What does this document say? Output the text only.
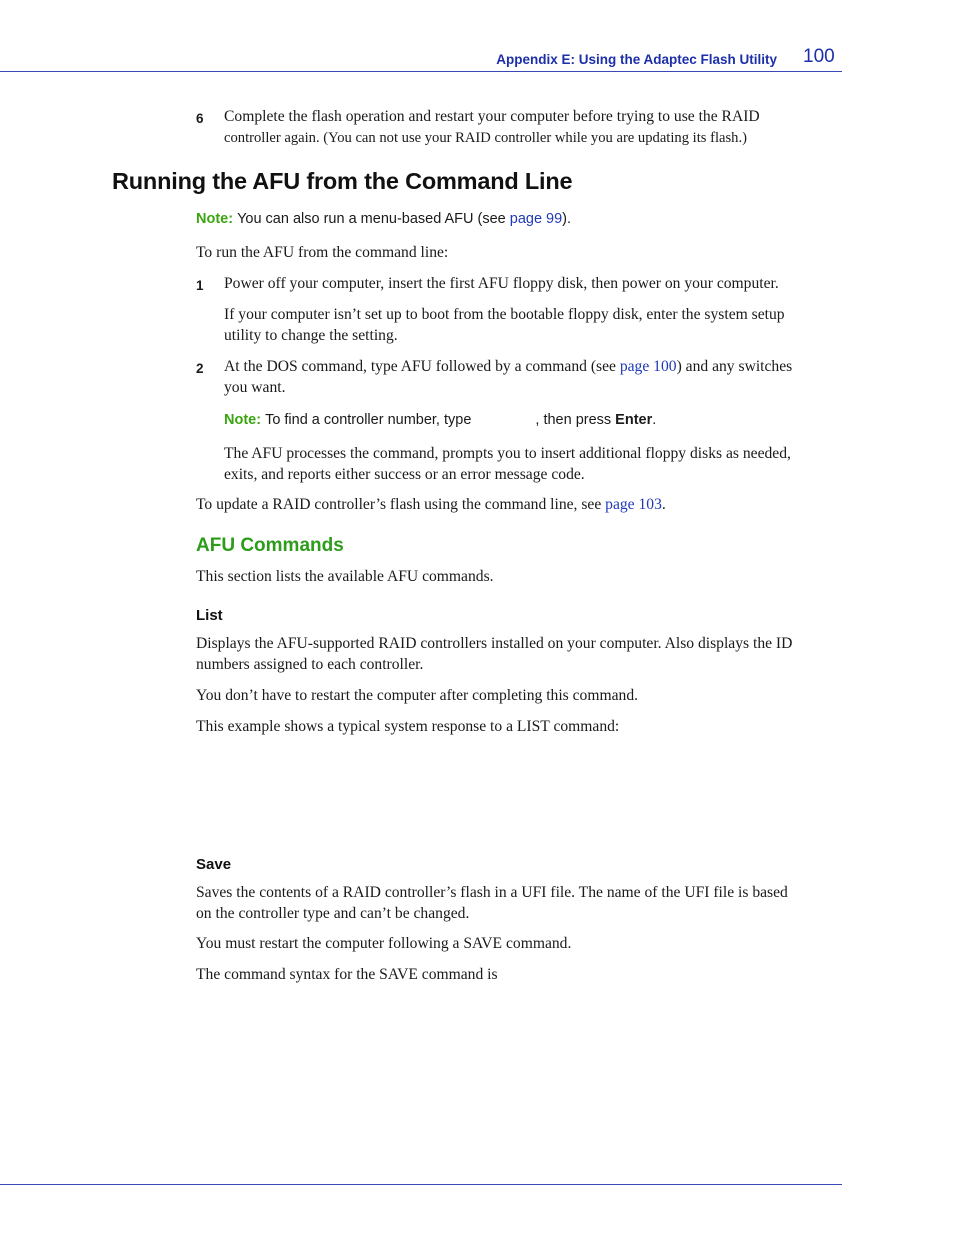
Appendix E: Using the Adaptec Flash Utility 100
6 Complete the flash operation and restart your computer before trying to use the RAID
controller again. (You can not use your RAID controller while you are updating its flash.)
Running the AFU from the Command Line
Note: You can also run a menu-based AFU (see page 99).
To run the AFU from the command line:
1 Power off your computer, insert the first AFU floppy disk, then power on your computer.
If your computer isn’t set up to boot from the bootable floppy disk, enter the system setup
utility to change the setting.
2 At the DOS command, type AFU followed by a command (see page 100) and any switches
you want.
Note: To find a controller number, type	, then press Enter.
The AFU processes the command, prompts you to insert additional floppy disks as needed,
exits, and reports either success or an error message code.
To update a RAID controller’s flash using the command line, see page 103.
AFU Commands
This section lists the available AFU commands.
List
Displays the AFU-supported RAID controllers installed on your computer. Also displays the ID
numbers assigned to each controller.
You don’t have to restart the computer after completing this command.
This example shows a typical system response to a LIST command:
Save
Saves the contents of a RAID controller’s flash in a UFI file. The name of the UFI file is based
on the controller type and can’t be changed.
You must restart the computer following a SAVE command.
The command syntax for the SAVE command is
